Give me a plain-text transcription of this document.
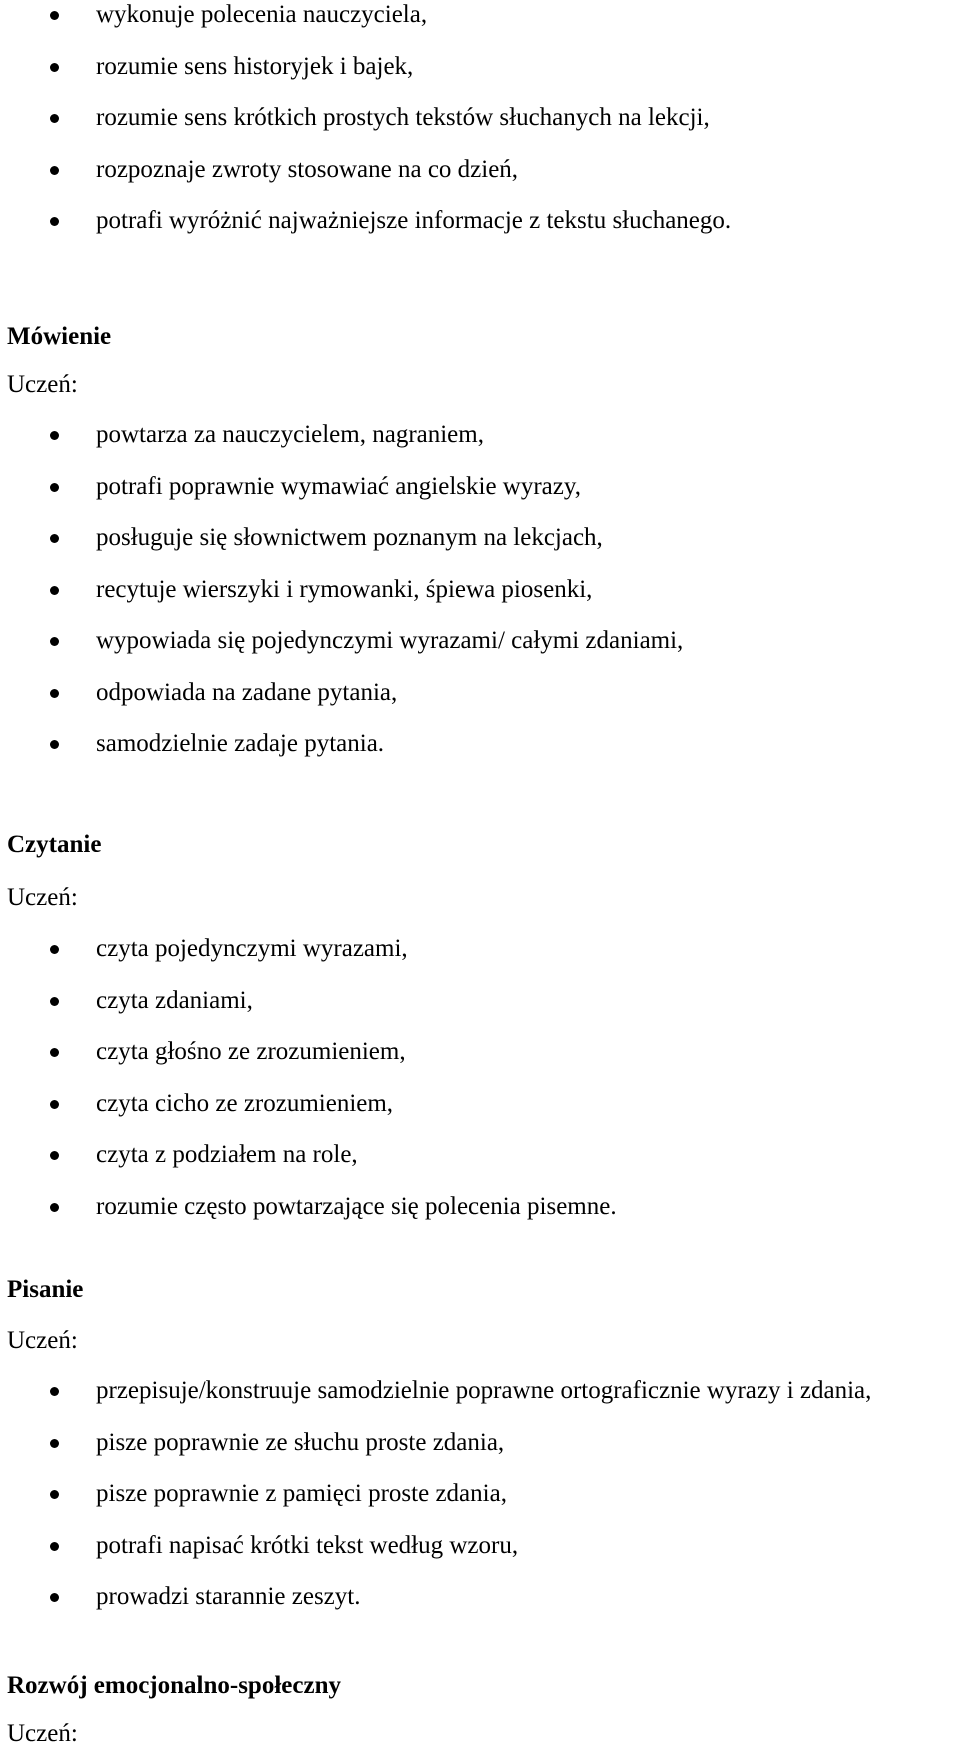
wykonuje polecenia nauczyciela,
rozumie sens historyjek i bajek,
rozumie sens krótkich prostych tekstów słuchanych na lekcji,
rozpoznaje zwroty stosowane na co dzień,
potrafi wyróżnić najważniejsze informacje z tekstu słuchanego.
Mówienie
Uczeń:
powtarza za nauczycielem, nagraniem,
potrafi poprawnie wymawiać angielskie wyrazy,
posługuje się słownictwem poznanym na lekcjach,
recytuje wierszyki i rymowanki, śpiewa piosenki,
wypowiada się pojedynczymi wyrazami/ całymi zdaniami,
odpowiada na zadane pytania,
samodzielnie zadaje pytania.
Czytanie
Uczeń:
czyta pojedynczymi wyrazami,
czyta zdaniami,
czyta głośno ze zrozumieniem,
czyta cicho ze zrozumieniem,
czyta z podziałem na role,
rozumie często powtarzające się polecenia pisemne.
Pisanie
Uczeń:
przepisuje/konstruuje samodzielnie poprawne ortograficznie wyrazy i zdania,
pisze poprawnie ze słuchu proste zdania,
pisze poprawnie z pamięci proste zdania,
potrafi napisać krótki tekst według wzoru,
prowadzi starannie zeszyt.
Rozwój emocjonalno-społeczny
Uczeń:
